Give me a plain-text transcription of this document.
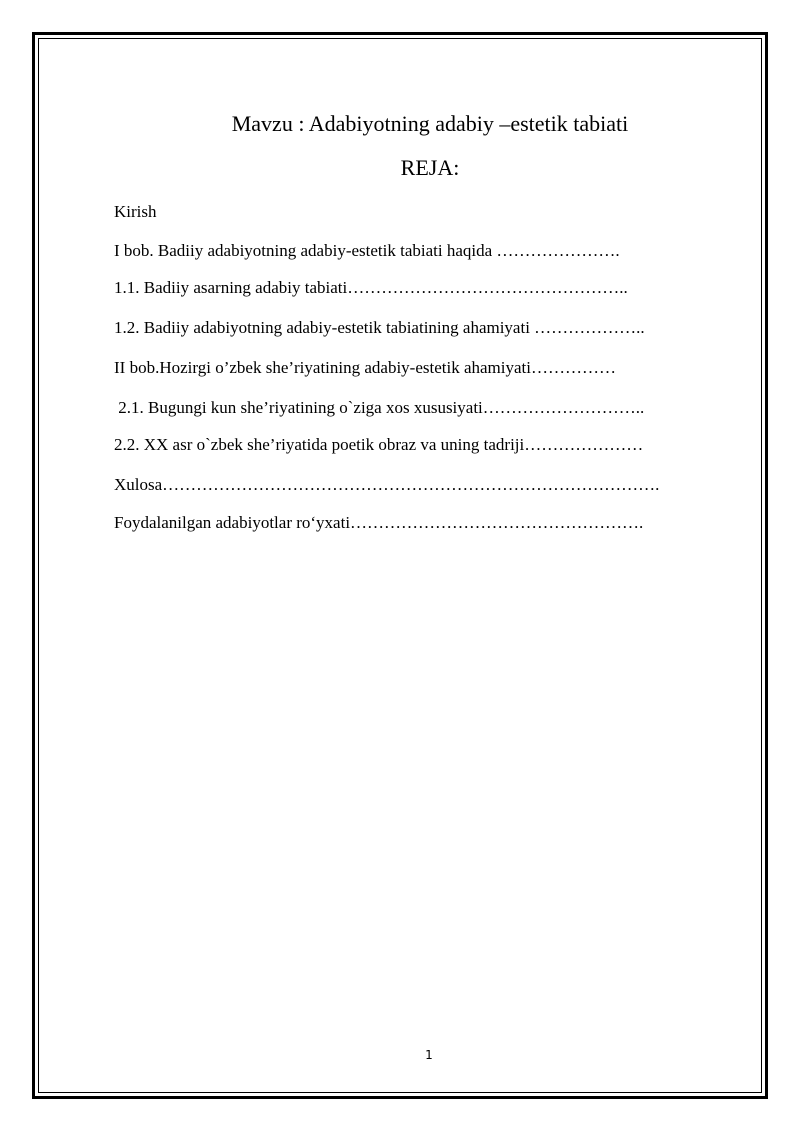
Mavzu : Adabiyotning adabiy –estetik tabiati
REJA:
Kirish
I bob. Badiiy adabiyotning adabiy-estetik tabiati haqida ………………….
1.1. Badiiy asarning adabiy tabiati…………………………………………..
1.2. Badiiy adabiyotning adabiy-estetik tabiatining ahamiyati ………………..
II bob.Hozirgi o’zbek she’riyatining adabiy-estetik ahamiyati……………
2.1. Bugungi kun she’riyatining o`ziga xos xususiyati………………………..
2.2. XX asr o`zbek she’riyatida poetik obraz va uning tadriji…………………
Xulosa…………………………………………………………………………….
Foydalanilgan adabiyotlar ro‘yxati…………………………………………….
1
